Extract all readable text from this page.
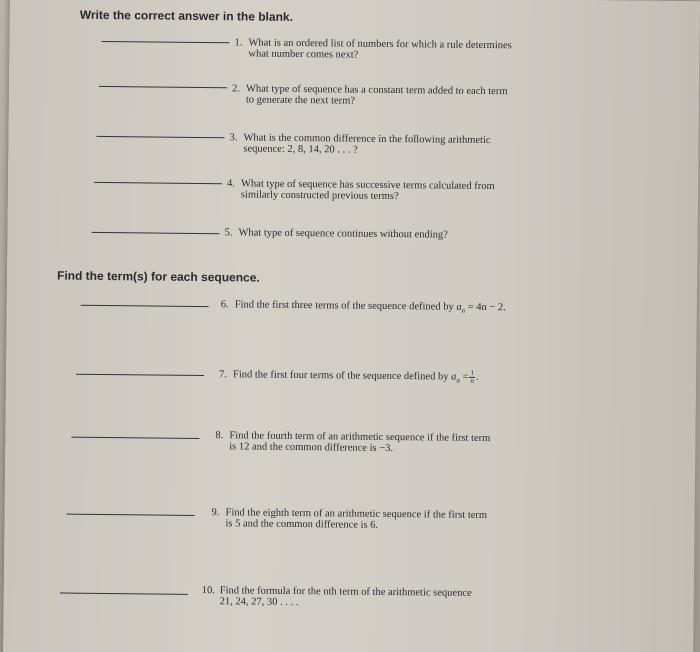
Write the correct answer in the blank.
1. What is an ordered list of numbers for which a rule determines
what number comes next?
2. What type of sequence has a constant term added to each term
to generate the next term?
3. What is the common difference in the following arithmetic
sequence: 2, 8, 14, 20 . . . ?
4. What type of sequence has successive terms calculated from
similarly constructed previous terms?
5. What type of sequence continues without ending?
Find the term(s) for each sequence.
6. Find the first three terms of the sequence defined by $a_n = 4n - 2$.
7. Find the first four terms of the sequence defined by $a_n = \frac{1}{n}$ .
8. Find the fourth term of an arithmetic sequence if the first term
is 12 and the common difference is −3.
9. Find the eighth term of an arithmetic sequence if the first term
is 5 and the common difference is 6.
10. Find the formula for the nth term of the arithmetic sequence
21, 24, 27, 30 . . . .
